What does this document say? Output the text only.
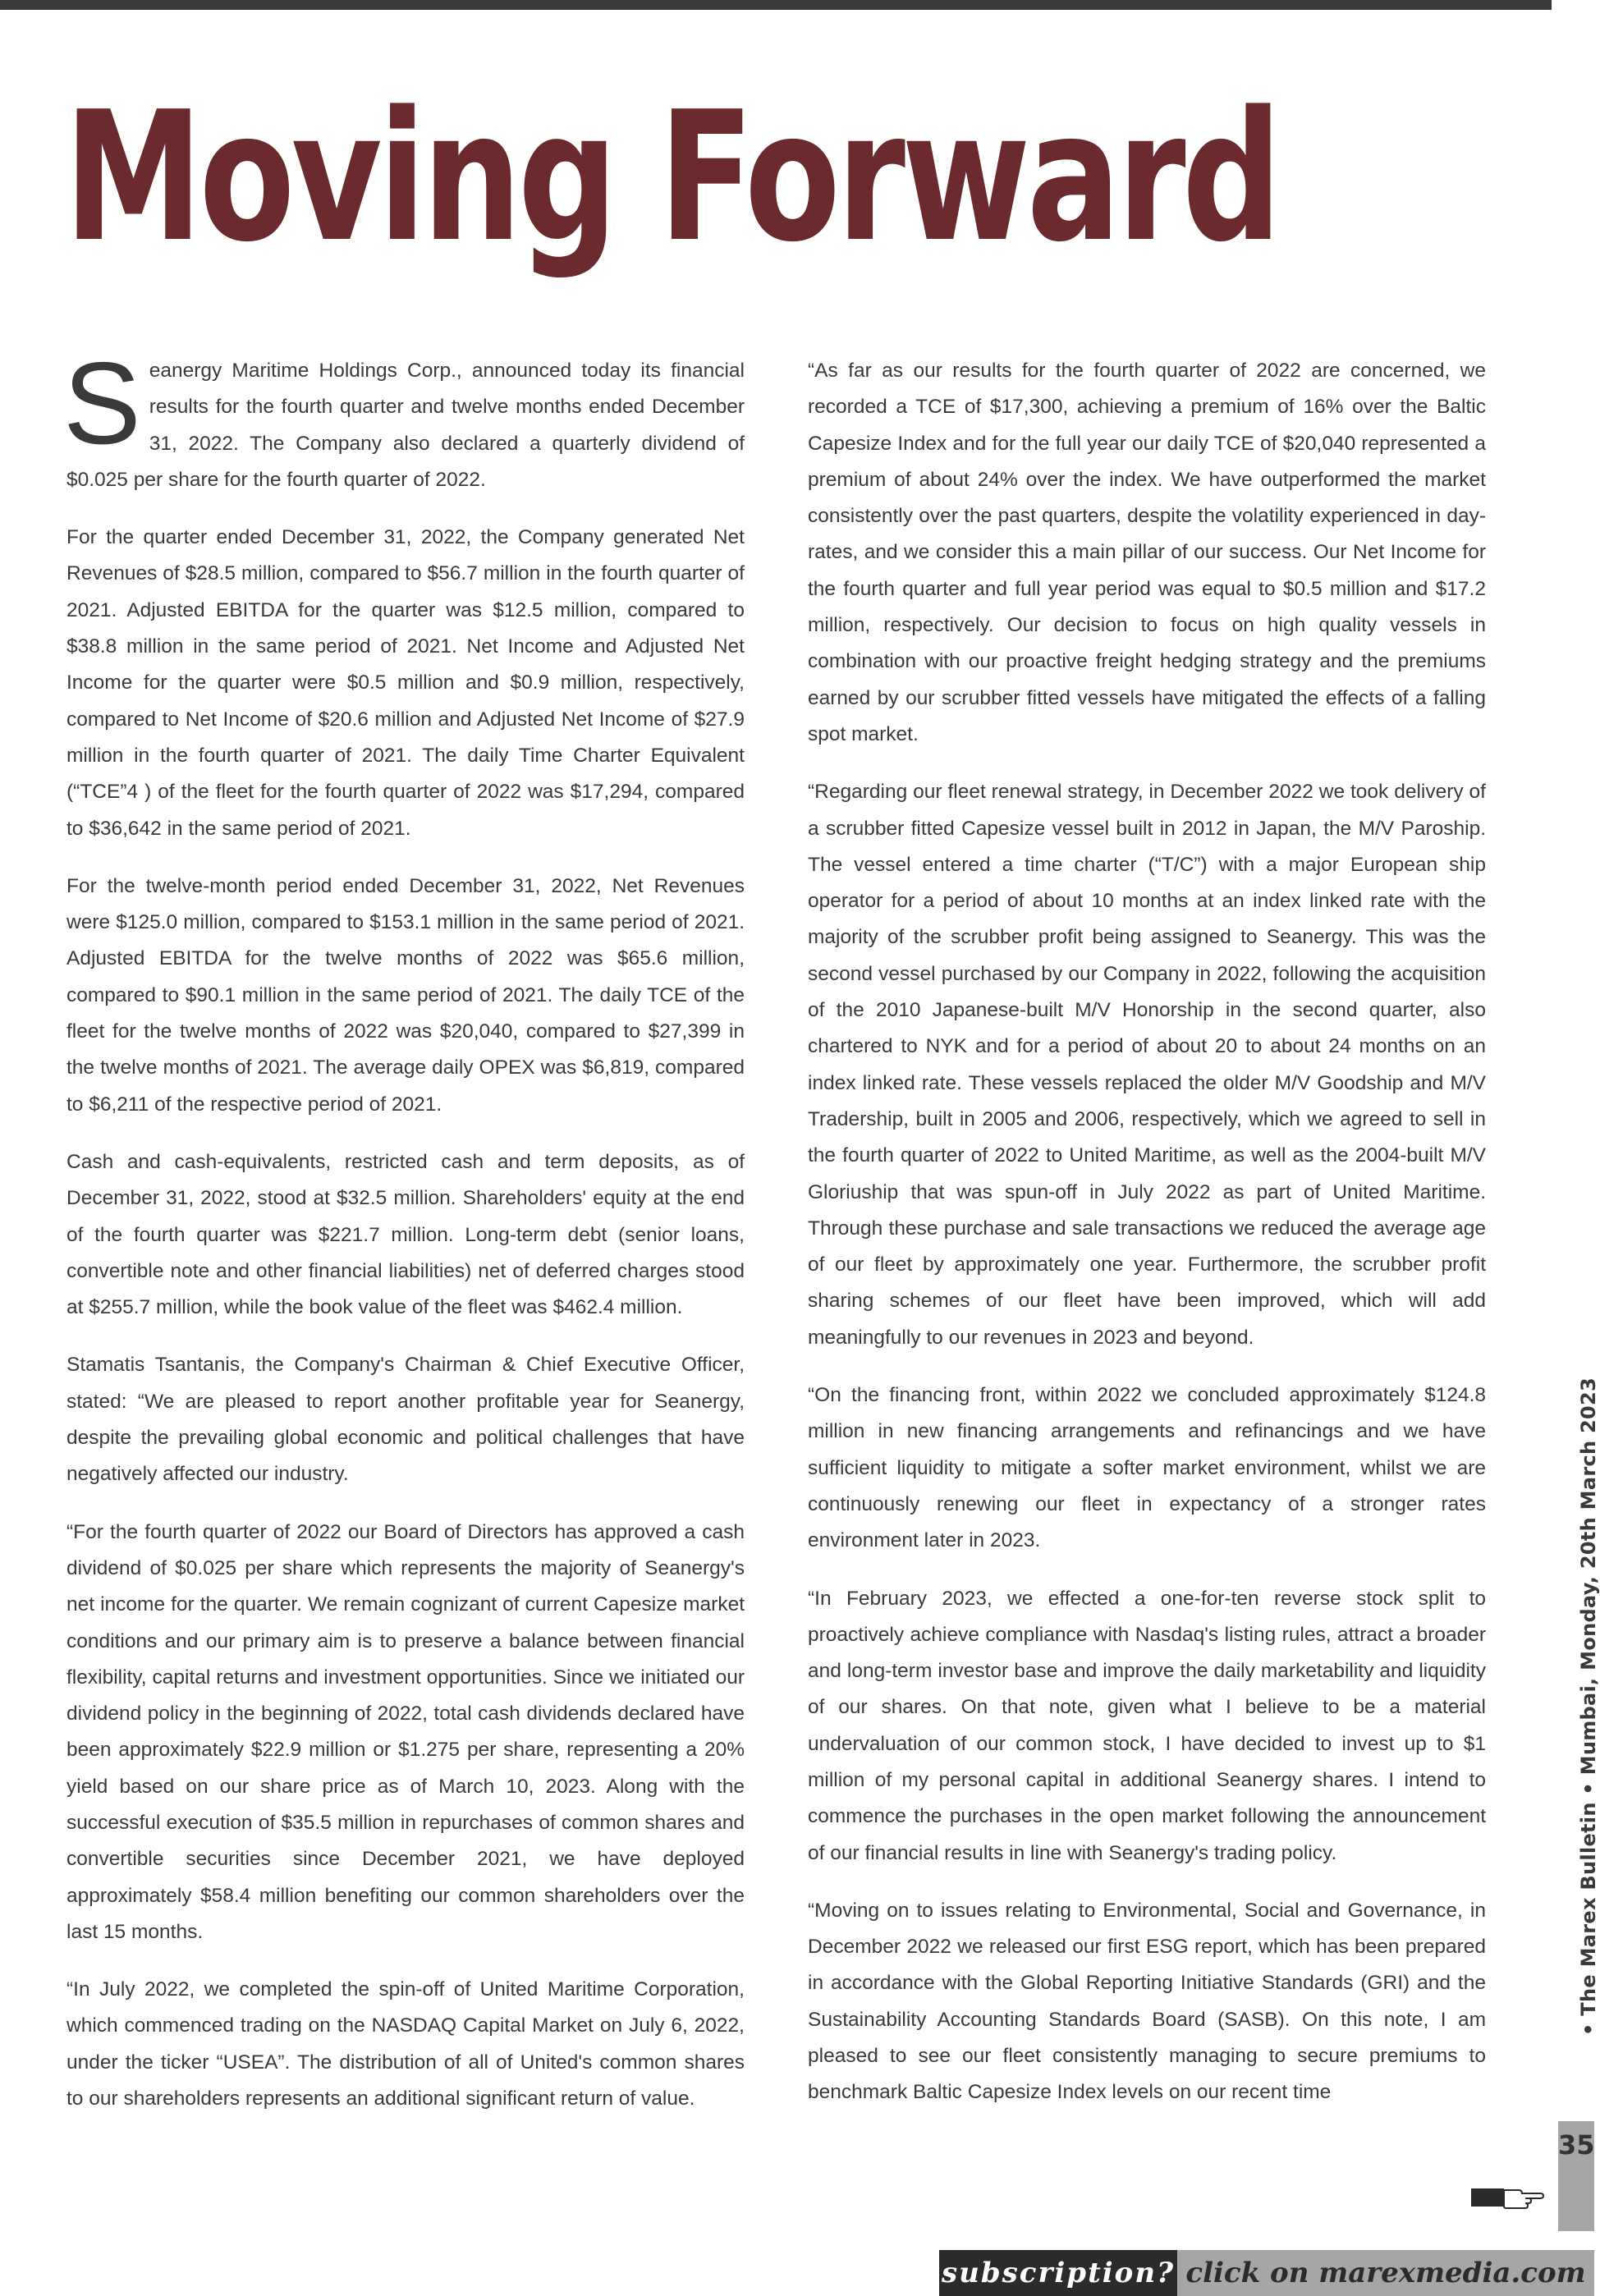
Moving Forward

Seanergy Maritime Holdings Corp., announced today its financial results for the fourth quarter and twelve months ended December 31, 2022. The Company also declared a quarterly dividend of $0.025 per share for the fourth quarter of 2022.

For the quarter ended December 31, 2022, the Company generated Net Revenues of $28.5 million, compared to $56.7 million in the fourth quarter of 2021. Adjusted EBITDA for the quarter was $12.5 million, compared to $38.8 million in the same period of 2021. Net Income and Adjusted Net Income for the quarter were $0.5 million and $0.9 million, respectively, compared to Net Income of $20.6 million and Adjusted Net Income of $27.9 million in the fourth quarter of 2021. The daily Time Charter Equivalent (“TCE”4 ) of the fleet for the fourth quarter of 2022 was $17,294, compared to $36,642 in the same period of 2021.

For the twelve-month period ended December 31, 2022, Net Revenues were $125.0 million, compared to $153.1 million in the same period of 2021. Adjusted EBITDA for the twelve months of 2022 was $65.6 million, compared to $90.1 million in the same period of 2021. The daily TCE of the fleet for the twelve months of 2022 was $20,040, compared to $27,399 in the twelve months of 2021. The average daily OPEX was $6,819, compared to $6,211 of the respective period of 2021.

Cash and cash-equivalents, restricted cash and term deposits, as of December 31, 2022, stood at $32.5 million. Shareholders' equity at the end of the fourth quarter was $221.7 million. Long-term debt (senior loans, convertible note and other financial liabilities) net of deferred charges stood at $255.7 million, while the book value of the fleet was $462.4 million.

Stamatis Tsantanis, the Company's Chairman & Chief Executive Officer, stated: “We are pleased to report another profitable year for Seanergy, despite the prevailing global economic and political challenges that have negatively affected our industry.

“For the fourth quarter of 2022 our Board of Directors has approved a cash dividend of $0.025 per share which represents the majority of Seanergy's net income for the quarter. We remain cognizant of current Capesize market conditions and our primary aim is to preserve a balance between financial flexibility, capital returns and investment opportunities. Since we initiated our dividend policy in the beginning of 2022, total cash dividends declared have been approximately $22.9 million or $1.275 per share, representing a 20% yield based on our share price as of March 10, 2023. Along with the successful execution of $35.5 million in repurchases of common shares and convertible securities since December 2021, we have deployed approximately $58.4 million benefiting our common shareholders over the last 15 months.

“In July 2022, we completed the spin-off of United Maritime Corporation, which commenced trading on the NASDAQ Capital Market on July 6, 2022, under the ticker “USEA”. The distribution of all of United's common shares to our shareholders represents an additional significant return of value.

“As far as our results for the fourth quarter of 2022 are concerned, we recorded a TCE of $17,300, achieving a premium of 16% over the Baltic Capesize Index and for the full year our daily TCE of $20,040 represented a premium of about 24% over the index. We have outperformed the market consistently over the past quarters, despite the volatility experienced in day-rates, and we consider this a main pillar of our success. Our Net Income for the fourth quarter and full year period was equal to $0.5 million and $17.2 million, respectively. Our decision to focus on high quality vessels in combination with our proactive freight hedging strategy and the premiums earned by our scrubber fitted vessels have mitigated the effects of a falling spot market.

“Regarding our fleet renewal strategy, in December 2022 we took delivery of a scrubber fitted Capesize vessel built in 2012 in Japan, the M/V Paroship. The vessel entered a time charter (“T/C”) with a major European ship operator for a period of about 10 months at an index linked rate with the majority of the scrubber profit being assigned to Seanergy. This was the second vessel purchased by our Company in 2022, following the acquisition of the 2010 Japanese-built M/V Honorship in the second quarter, also chartered to NYK and for a period of about 20 to about 24 months on an index linked rate. These vessels replaced the older M/V Goodship and M/V Tradership, built in 2005 and 2006, respectively, which we agreed to sell in the fourth quarter of 2022 to United Maritime, as well as the 2004-built M/V Gloriuship that was spun-off in July 2022 as part of United Maritime. Through these purchase and sale transactions we reduced the average age of our fleet by approximately one year. Furthermore, the scrubber profit sharing schemes of our fleet have been improved, which will add meaningfully to our revenues in 2023 and beyond.

“On the financing front, within 2022 we concluded approximately $124.8 million in new financing arrangements and refinancings and we have sufficient liquidity to mitigate a softer market environment, whilst we are continuously renewing our fleet in expectancy of a stronger rates environment later in 2023.

“In February 2023, we effected a one-for-ten reverse stock split to proactively achieve compliance with Nasdaq's listing rules, attract a broader and long-term investor base and improve the daily marketability and liquidity of our shares. On that note, given what I believe to be a material undervaluation of our common stock, I have decided to invest up to $1 million of my personal capital in additional Seanergy shares. I intend to commence the purchases in the open market following the announcement of our financial results in line with Seanergy's trading policy.

“Moving on to issues relating to Environmental, Social and Governance, in December 2022 we released our first ESG report, which has been prepared in accordance with the Global Reporting Initiative Standards (GRI) and the Sustainability Accounting Standards Board (SASB). On this note, I am pleased to see our fleet consistently managing to secure premiums to benchmark Baltic Capesize Index levels on our recent time

• The Marex Bulletin • Mumbai, Monday, 20th March 2023
35
subscription? click on marexmedia.com
